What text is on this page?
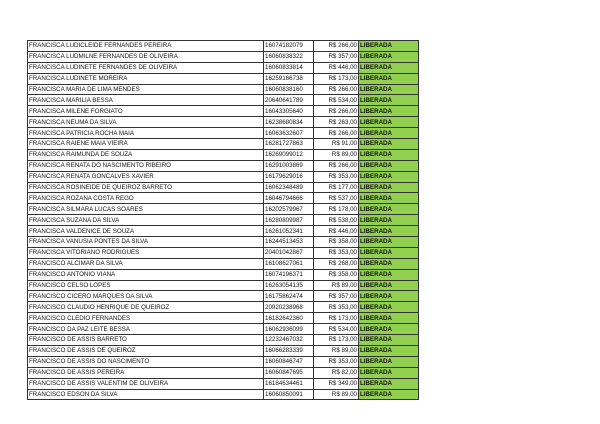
FRANCISCA LUDICLEIDE FERNANDES PEREIRA	16074182079	R$ 266,00	LIBERADA
FRANCISCA LUDMILNE FERNANDES DE OLIVEIRA	16060838322	R$ 357,00	LIBERADA
FRANCISCA LUDINETE FERNANDES DE OLIVEIRA	16060833814	R$ 446,00	LIBERADA
FRANCISCA LUDINETE MOREIRA	16259166738	R$ 173,00	LIBERADA
FRANCISCA MARIA DE LIMA MENDES	16060838160	R$ 266,00	LIBERADA
FRANCISCA MARILIA BESSA	20640641789	R$ 534,00	LIBERADA
FRANCISCA MILENE FORGIATO	16043305640	R$ 266,00	LIBERADA
FRANCISCA NEUMA DA SILVA	16238680834	R$ 263,00	LIBERADA
FRANCISCA PATRICIA ROCHA MAIA	16063632607	R$ 266,00	LIBERADA
FRANCISCA RAIENE MAIA VIEIRA	16281727863	R$ 91,00	LIBERADA
FRANCISCA RAIMUNDA DE SOUZA	16269099012	R$ 89,00	LIBERADA
FRANCISCA RENATA DO NASCIMENTO RIBEIRO	16291003869	R$ 266,00	LIBERADA
FRANCISCA RENATA GONCALVES XAVIER	16179629016	R$ 353,00	LIBERADA
FRANCISCA ROSINEIDE DE QUEIROZ BARRETO	16062348489	R$ 177,00	LIBERADA
FRANCISCA ROZANA COSTA REGO	16046794666	R$ 537,00	LIBERADA
FRANCISCA SILMARA LUCAS SOARES	16202579967	R$ 178,00	LIBERADA
FRANCISCA SUZANA DA SILVA	16280809987	R$ 538,00	LIBERADA
FRANCISCA VALDENICE DE SOUZA	16261052341	R$ 446,00	LIBERADA
FRANCISCA VANUSIA PONTES DA SILVA	16244513453	R$ 358,00	LIBERADA
FRANCISCA VITORIANO RODRIGUES	20401042867	R$ 353,00	LIBERADA
FRANCISCO ALCIMAR DA SILVA	16108627061	R$ 268,00	LIBERADA
FRANCISCO ANTONIO VIANA	16074196371	R$ 358,00	LIBERADA
FRANCISCO CELSO LOPES	16263054135	R$ 89,00	LIBERADA
FRANCISCO CICERO MARQUES DA SILVA	16175862474	R$ 357,00	LIBERADA
FRANCISCO CLAUDIO HENRIQUE DE QUEIROZ	20920238968	R$ 353,00	LIBERADA
FRANCISCO CLEDIO FERNANDES	16182642360	R$ 173,00	LIBERADA
FRANCISCO DA PAZ LEITE BESSA	16062936099	R$ 534,00	LIBERADA
FRANCISCO DE ASSIS BARRETO	12232467032	R$ 173,00	LIBERADA
FRANCISCO DE ASSIS DE QUEIROZ	16066283339	R$ 89,00	LIBERADA
FRANCISCO DE ASSIS DO NASCIMENTO	16060846747	R$ 353,00	LIBERADA
FRANCISCO DE ASSIS PEREIRA	16060847695	R$ 82,00	LIBERADA
FRANCISCO DE ASSIS VALENTIM DE OLIVEIRA	16184634461	R$ 349,00	LIBERADA
FRANCISCO EDSON DA SILVA	16060850091	R$ 89,00	LIBERADA
